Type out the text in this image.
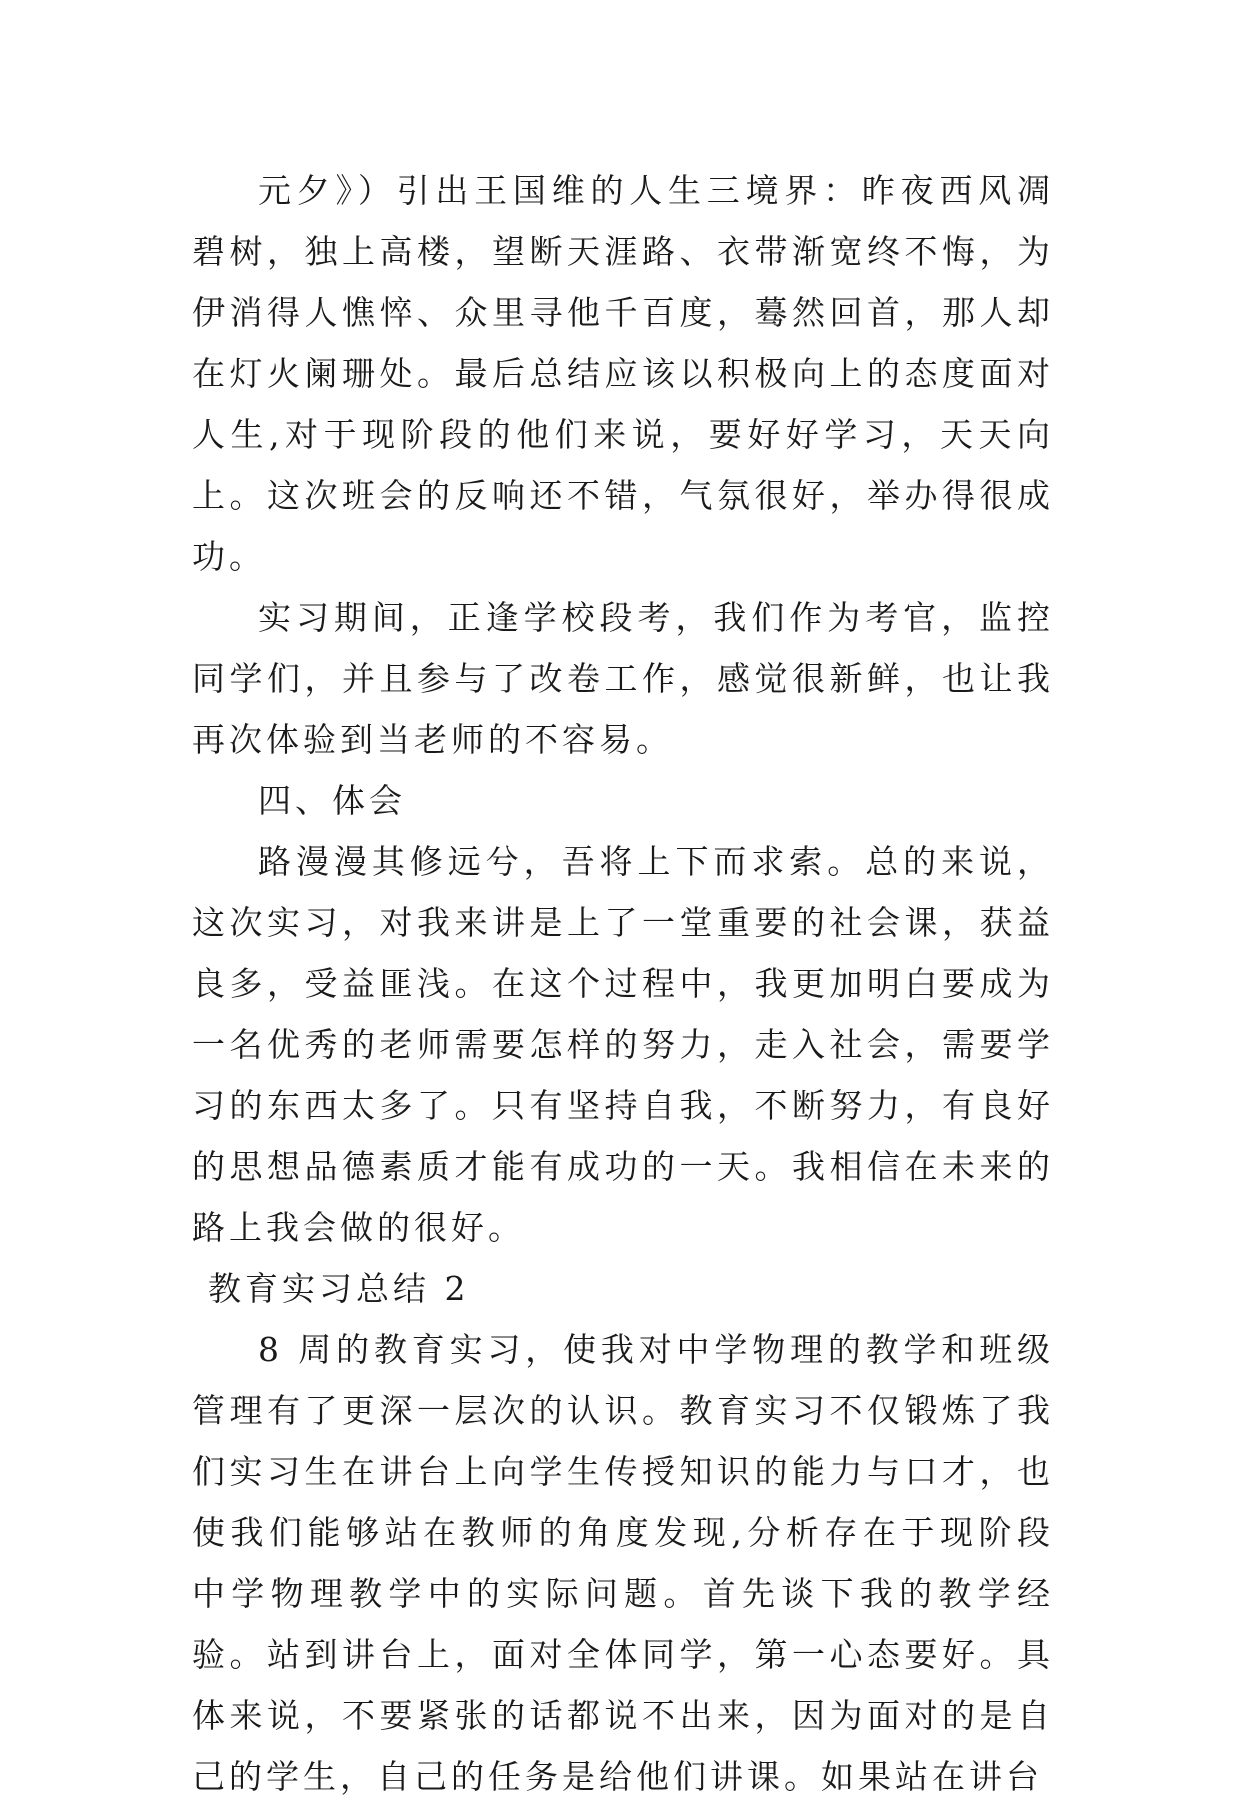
元夕》）引出王国维的人生三境界：昨夜西风凋碧树，独上高楼，望断天涯路、衣带渐宽终不悔，为伊消得人憔悴、众里寻他千百度，蓦然回首，那人却在灯火阑珊处。最后总结应该以积极向上的态度面对人生,对于现阶段的他们来说，要好好学习，天天向上。这次班会的反响还不错，气氛很好，举办得很成功。

实习期间，正逢学校段考，我们作为考官，监控同学们，并且参与了改卷工作，感觉很新鲜，也让我再次体验到当老师的不容易。

四、体会

路漫漫其修远兮，吾将上下而求索。总的来说，这次实习，对我来讲是上了一堂重要的社会课，获益良多，受益匪浅。在这个过程中，我更加明白要成为一名优秀的老师需要怎样的努力，走入社会，需要学习的东西太多了。只有坚持自我，不断努力，有良好的思想品德素质才能有成功的一天。我相信在未来的路上我会做的很好。

教育实习总结 2

8 周的教育实习，使我对中学物理的教学和班级管理有了更深一层次的认识。教育实习不仅锻炼了我们实习生在讲台上向学生传授知识的能力与口才，也使我们能够站在教师的角度发现,分析存在于现阶段中学物理教学中的实际问题。首先谈下我的教学经验。站到讲台上，面对全体同学，第一心态要好。具体来说，不要紧张的话都说不出来，因为面对的是自己的学生，自己的任务是给他们讲课。如果站在讲台
